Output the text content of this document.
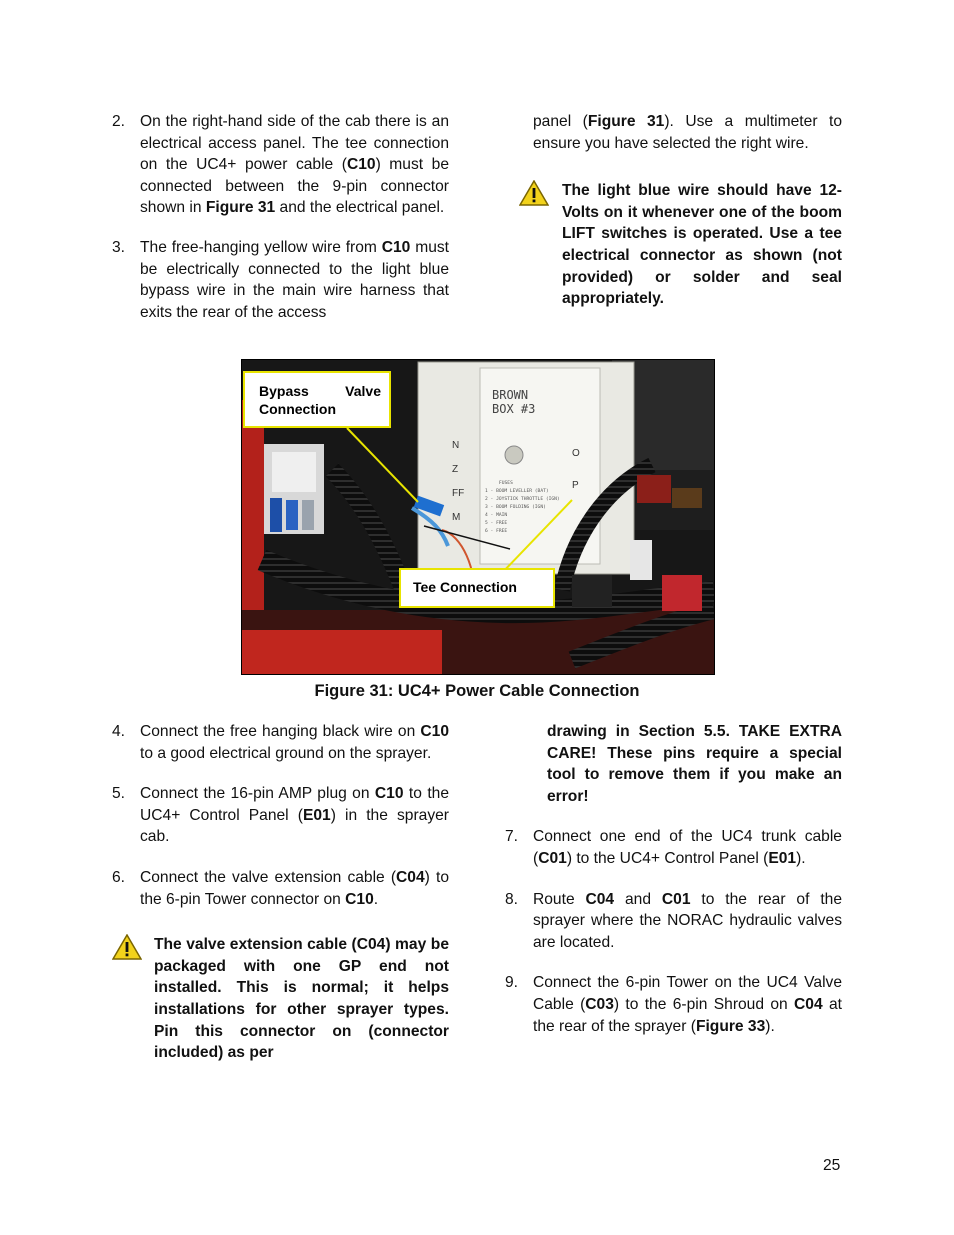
2. On the right-hand side of the cab there is an electrical access panel. The tee connection on the UC4+ power cable (C10) must be connected between the 9-pin connector shown in Figure 31 and the electrical panel.
3. The free-hanging yellow wire from C10 must be electrically connected to the light blue bypass wire in the main wire harness that exits the rear of the access
panel (Figure 31). Use a multimeter to ensure you have selected the right wire.
The light blue wire should have 12-Volts on it whenever one of the boom LIFT switches is operated. Use a tee electrical connector as shown (not provided) or solder and seal appropriately.
BROWN
BOX #3
N
Z
FF
M
O
P
FUSES
1 - BOOM LEVELLER (BAT)
2 - JOYSTICK THROTTLE (IGN)
3 - BOOM FOLDING (IGN)
4 - MAIN
5 - FREE
6 - FREE
Bypass Valve Connection
Tee Connection
Figure 31: UC4+ Power Cable Connection
4. Connect the free hanging black wire on C10 to a good electrical ground on the sprayer.
5. Connect the 16-pin AMP plug on C10 to the UC4+ Control Panel (E01) in the sprayer cab.
6. Connect the valve extension cable (C04) to the 6-pin Tower connector on C10.
The valve extension cable (C04) may be packaged with one GP end not installed. This is normal; it helps installations for other sprayer types. Pin this connector on (connector included) as per
drawing in Section 5.5. TAKE EXTRA CARE! These pins require a special tool to remove them if you make an error!
7. Connect one end of the UC4 trunk cable (C01) to the UC4+ Control Panel (E01).
8. Route C04 and C01 to the rear of the sprayer where the NORAC hydraulic valves are located.
9. Connect the 6-pin Tower on the UC4 Valve Cable (C03) to the 6-pin Shroud on C04 at the rear of the sprayer (Figure 33).
25
